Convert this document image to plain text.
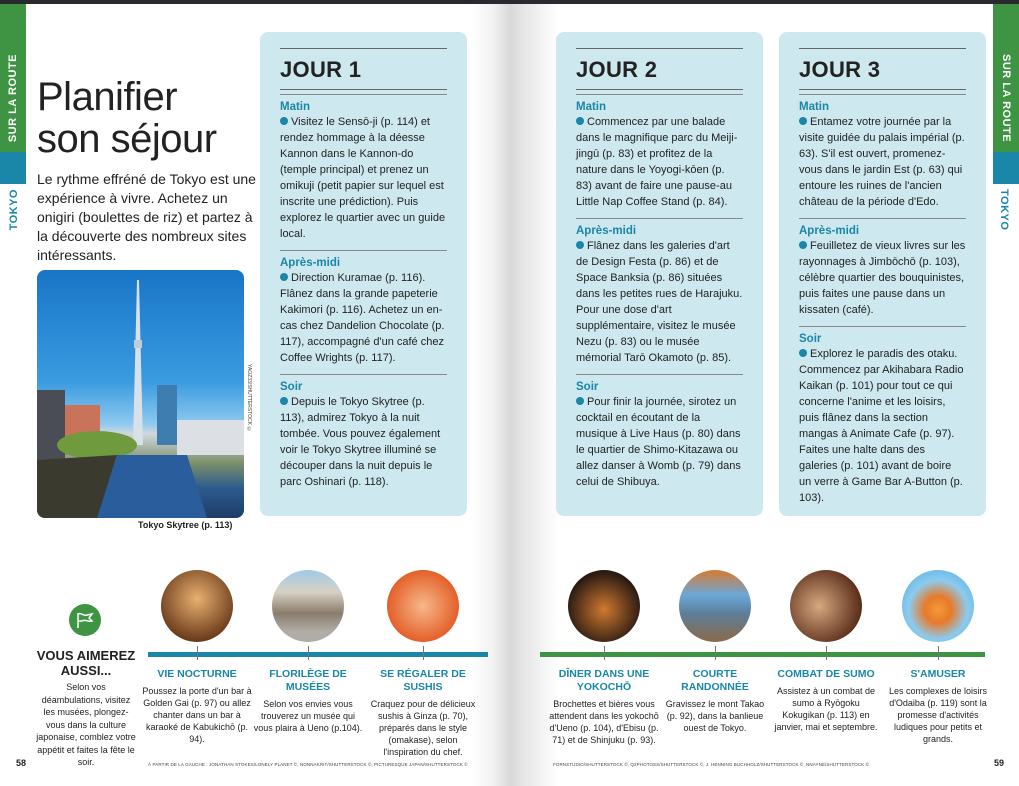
SUR LA ROUTE
TOKYO
SUR LA ROUTE
TOKYO
Planifier
son séjour

Le rythme effréné de Tokyo est une expérience à vivre. Achetez un onigiri (boulettes de riz) et partez à la découverte des nombreux sites intéressants.

YAOZ33/SHUTTERSTOCK ©
Tokyo Skytree (p. 113)
JOUR 1
Matin

Visitez le Sensō-ji (p. 114) et rendez hommage à la déesse Kannon dans le Kannon-do (temple principal) et prenez un omikuji (petit papier sur lequel est inscrite une prédiction). Puis explorez le quartier avec un guide local.

Après-midi

Direction Kuramae (p. 116). Flânez dans la grande papeterie Kakimori (p. 116). Achetez un en-cas chez Dandelion Chocolate (p. 117), accompagné d'un café chez Coffee Wrights (p. 117).

Soir

Depuis le Tokyo Skytree (p. 113), admirez Tokyo à la nuit tombée. Vous pouvez également voir le Tokyo Skytree illuminé se découper dans la nuit depuis le parc Oshinari (p. 118).

JOUR 2
Matin

Commencez par une balade dans le magnifique parc du Meiji-jingū (p. 83) et profitez de la nature dans le Yoyogi-kōen (p. 83) avant de faire une pause-au Little Nap Coffee Stand (p. 84).

Après-midi

Flânez dans les galeries d'art de Design Festa (p. 86) et de Space Banksia (p. 86) situées dans les petites rues de Harajuku. Pour une dose d'art supplémentaire, visitez le musée Nezu (p. 83) ou le musée mémorial Tarō Okamoto (p. 85).

Soir

Pour finir la journée, sirotez un cocktail en écoutant de la musique à Live Haus (p. 80) dans le quartier de Shimo-Kitazawa ou allez danser à Womb (p. 79) dans celui de Shibuya.

JOUR 3
Matin

Entamez votre journée par la visite guidée du palais impérial (p. 63). S'il est ouvert, promenez-vous dans le jardin Est (p. 63) qui entoure les ruines de l'ancien château de la période d'Edo.

Après-midi

Feuilletez de vieux livres sur les rayonnages à Jimbōchō (p. 103), célèbre quartier des bouquinistes, puis faites une pause dans un kissaten (café).

Soir

Explorez le paradis des otaku. Commencez par Akihabara Radio Kaikan (p. 101) pour tout ce qui concerne l'anime et les loisirs, puis flânez dans la section mangas à Animate Cafe (p. 97). Faites une halte dans des galeries (p. 101) avant de boire un verre à Game Bar A-Button (p. 103).

VOUS AIMEREZ AUSSI...
Selon vos déambulations, visitez les musées, plongez-vous dans la culture japonaise, comblez votre appétit et faites la fête le soir.
VIE NOCTURNE

Poussez la porte d'un bar à Golden Gai (p. 97) ou allez chanter dans un bar à karaoké de Kabukichō (p. 94).

FLORILÈGE DE MUSÉES

Selon vos envies vous trouverez un musée qui vous plaira à Ueno (p.104).

SE RÉGALER DE SUSHIS

Craquez pour de délicieux sushis à Ginza (p. 70), préparés dans le style (omakase), selon l'inspiration du chef.

DÎNER DANS UNE YOKOCHŌ

Brochettes et bières vous attendent dans les yokochō d'Ueno (p. 104), d'Ebisu (p. 71) et de Shinjuku (p. 93).

COURTE RANDONNÉE

Gravissez le mont Takao (p. 92), dans la banlieue ouest de Tokyo.

COMBAT DE SUMO

Assistez à un combat de sumo à Ryōgoku Kokugikan (p. 113) en janvier, mai et septembre.

S'AMUSER

Les complexes de loisirs d'Odaiba (p. 119) sont la promesse d'activités ludiques pour petits et grands.

58	À PARTIR DE LA GAUCHE : JONATHAN STOKES/LONELY PLANET ©, NONNAKRIT/SHUTTERSTOCK ©, PICTURESQUE JAPAN/SHUTTERSTOCK ©	FORNSTUDIO/SHUTTERSTOCK ©, Q2PHOTOSS/SHUTTERSTOCK ©, J. HENNING BUCHHOLZ/SHUTTERSTOCK ©, NNAYNE/SHUTTERSTOCK ©	59
